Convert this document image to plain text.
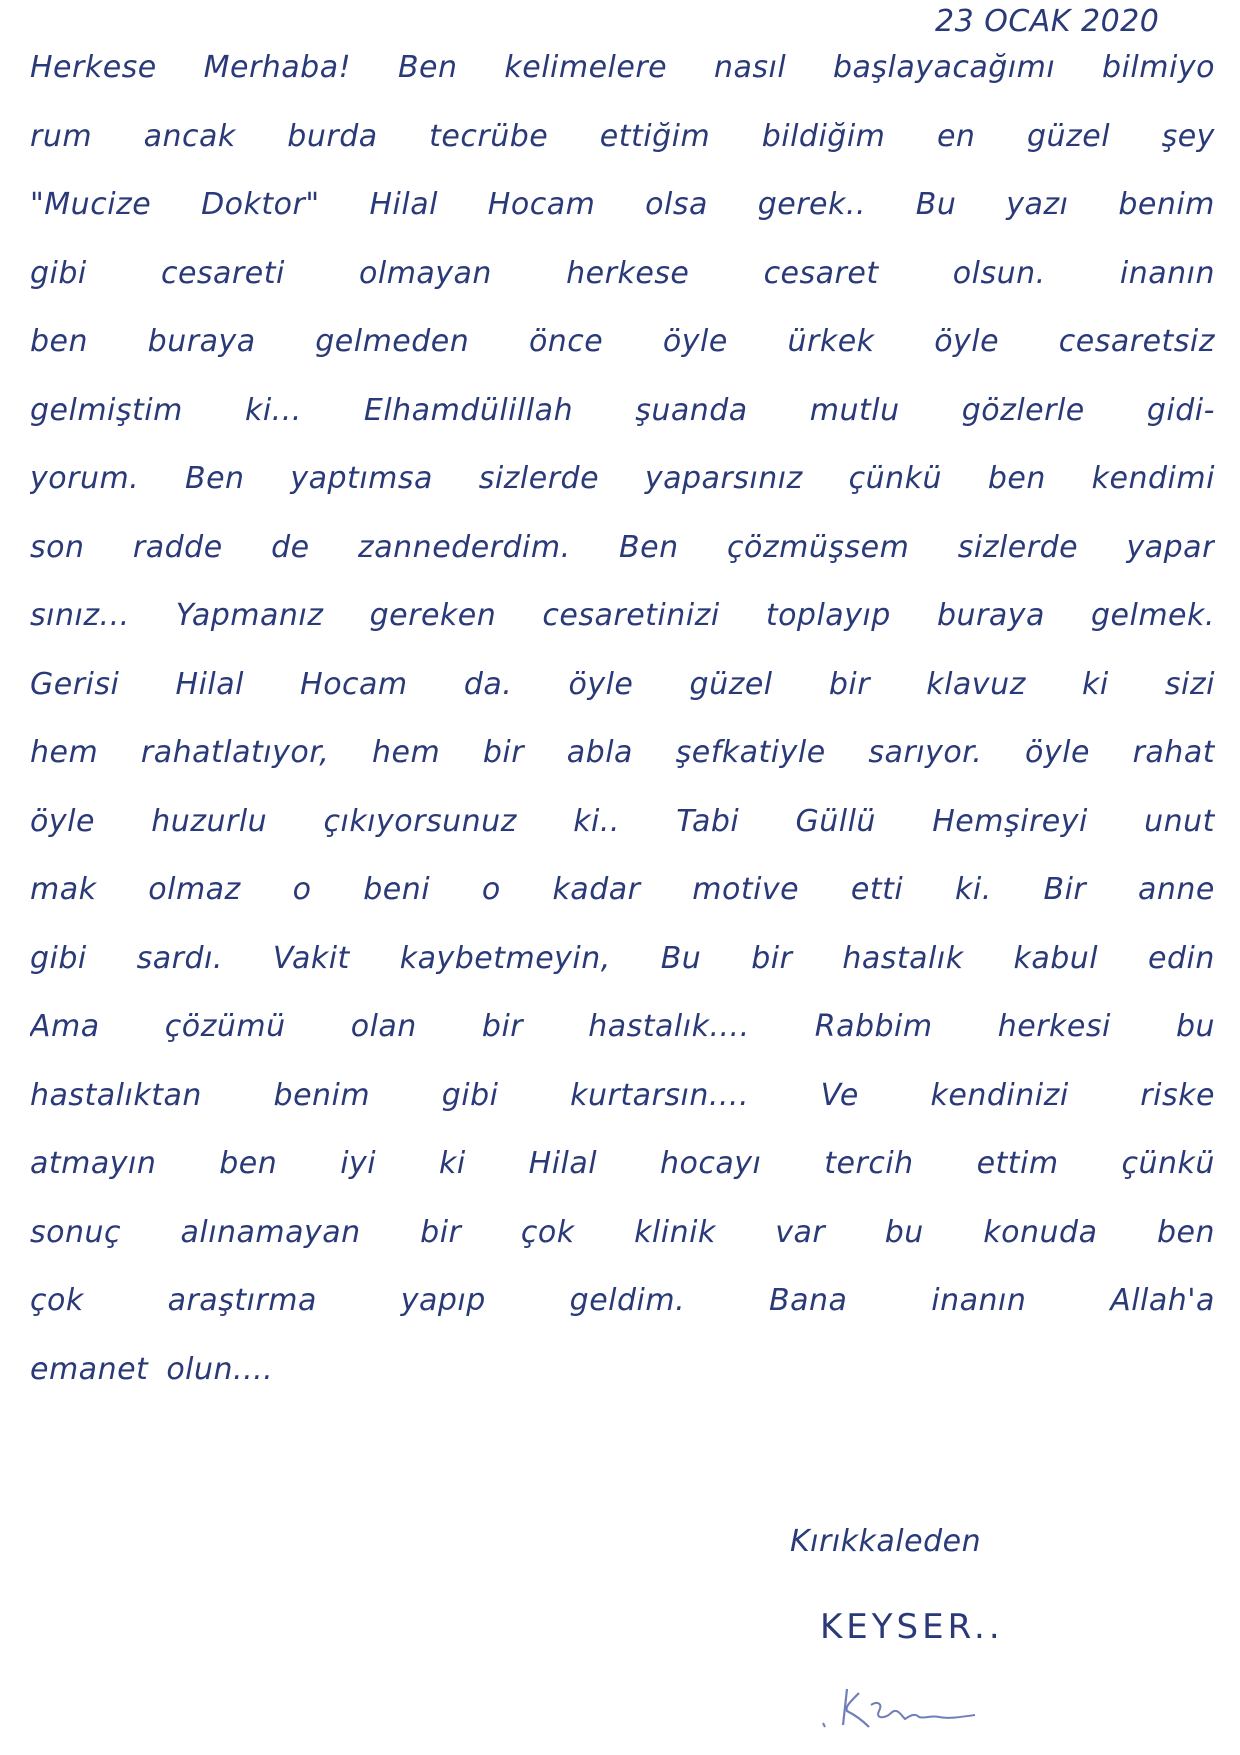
23 OCAK 2020
Herkese Merhaba! Ben kelimelere nasıl başlayacağımı bilmiyo
rum ancak burda tecrübe ettiğim bildiğim en güzel şey
"Mucize Doktor" Hilal Hocam olsa gerek.. Bu yazı benim
gibi cesareti olmayan herkese cesaret olsun. inanın
ben buraya gelmeden önce öyle ürkek öyle cesaretsiz
gelmiştim ki... Elhamdülillah şuanda mutlu gözlerle gidi-
yorum. Ben yaptımsa sizlerde yaparsınız çünkü ben kendimi
son radde de zannederdim. Ben çözmüşsem sizlerde yapar
sınız... Yapmanız gereken cesaretinizi toplayıp buraya gelmek.
Gerisi Hilal Hocam da. öyle güzel bir klavuz ki sizi
hem rahatlatıyor, hem bir abla şefkatiyle sarıyor. öyle rahat
öyle huzurlu çıkıyorsunuz ki.. Tabi Güllü Hemşireyi unut
mak olmaz o beni o kadar motive etti ki. Bir anne
gibi sardı. Vakit kaybetmeyin, Bu bir hastalık kabul edin
Ama çözümü olan bir hastalık.... Rabbim herkesi bu
hastalıktan benim gibi kurtarsın.... Ve kendinizi riske
atmayın ben iyi ki Hilal hocayı tercih ettim çünkü
sonuç alınamayan bir çok klinik var bu konuda ben
çok	araştırma	yapıp	geldim.	Bana	inanın	Allah'a
emanet olun....
Kırıkkaleden
KEYSER..
